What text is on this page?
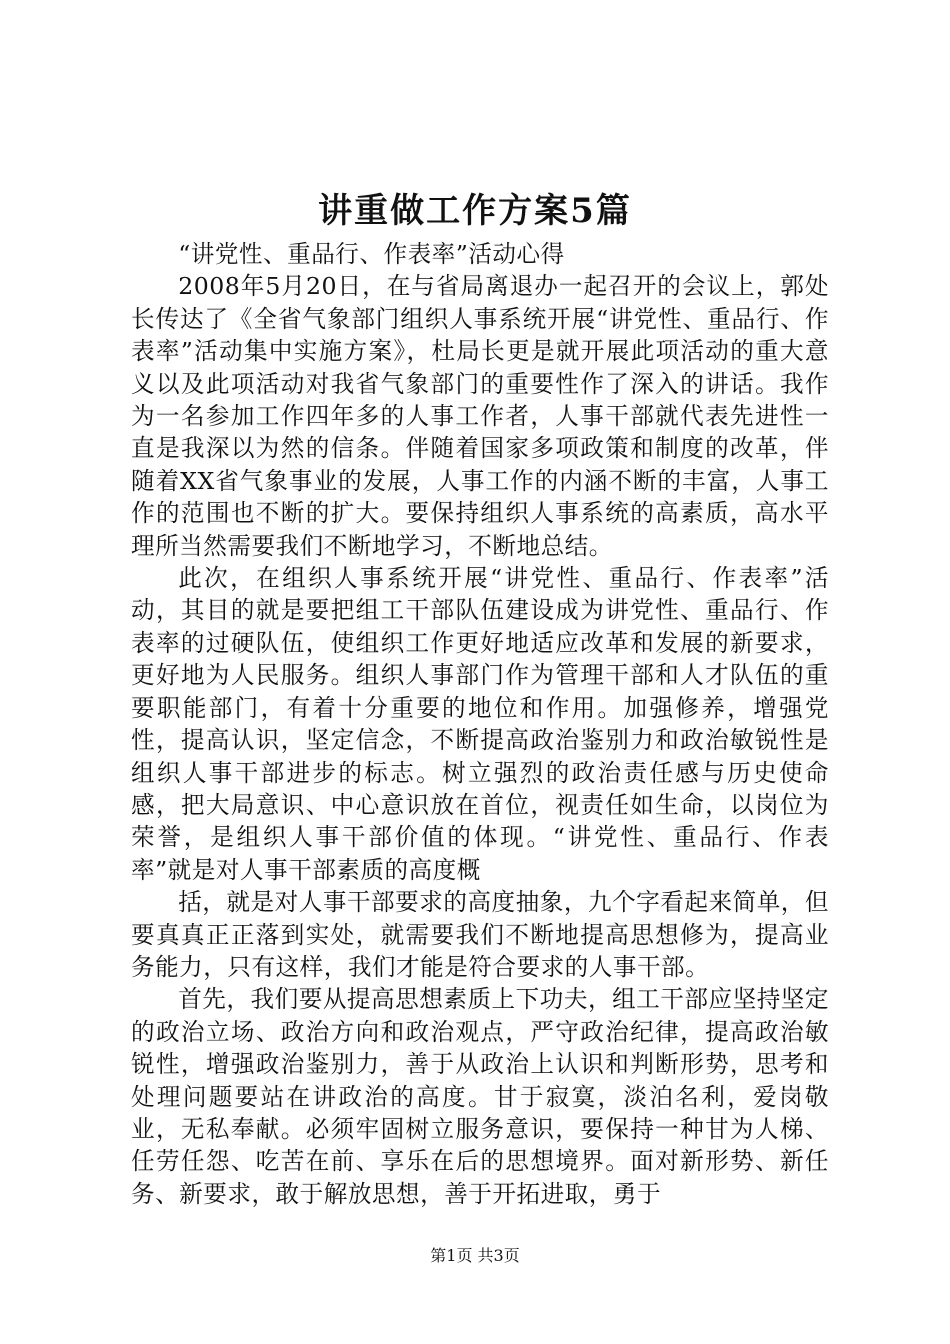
讲重做工作方案5篇

“讲党性、重品行、作表率”活动心得

2008年5月20日，在与省局离退办一起召开的会议上，郭处长传达了《全省气象部门组织人事系统开展“讲党性、重品行、作表率”活动集中实施方案》，杜局长更是就开展此项活动的重大意义以及此项活动对我省气象部门的重要性作了深入的讲话。我作为一名参加工作四年多的人事工作者，人事干部就代表先进性一直是我深以为然的信条。伴随着国家多项政策和制度的改革，伴随着XX省气象事业的发展，人事工作的内涵不断的丰富，人事工作的范围也不断的扩大。要保持组织人事系统的高素质，高水平理所当然需要我们不断地学习，不断地总结。

此次，在组织人事系统开展“讲党性、重品行、作表率”活动，其目的就是要把组工干部队伍建设成为讲党性、重品行、作表率的过硬队伍，使组织工作更好地适应改革和发展的新要求，更好地为人民服务。组织人事部门作为管理干部和人才队伍的重要职能部门，有着十分重要的地位和作用。加强修养，增强党性，提高认识，坚定信念，不断提高政治鉴别力和政治敏锐性是组织人事干部进步的标志。树立强烈的政治责任感与历史使命感，把大局意识、中心意识放在首位，视责任如生命，以岗位为荣誉，是组织人事干部价值的体现。“讲党性、重品行、作表率”就是对人事干部素质的高度概

括，就是对人事干部要求的高度抽象，九个字看起来简单，但要真真正正落到实处，就需要我们不断地提高思想修为，提高业务能力，只有这样，我们才能是符合要求的人事干部。

首先，我们要从提高思想素质上下功夫，组工干部应坚持坚定的政治立场、政治方向和政治观点，严守政治纪律，提高政治敏锐性，增强政治鉴别力，善于从政治上认识和判断形势，思考和处理问题要站在讲政治的高度。甘于寂寞，淡泊名利，爱岗敬业，无私奉献。必须牢固树立服务意识，要保持一种甘为人梯、任劳任怨、吃苦在前、享乐在后的思想境界。面对新形势、新任务、新要求，敢于解放思想，善于开拓进取，勇于

第1页 共3页
